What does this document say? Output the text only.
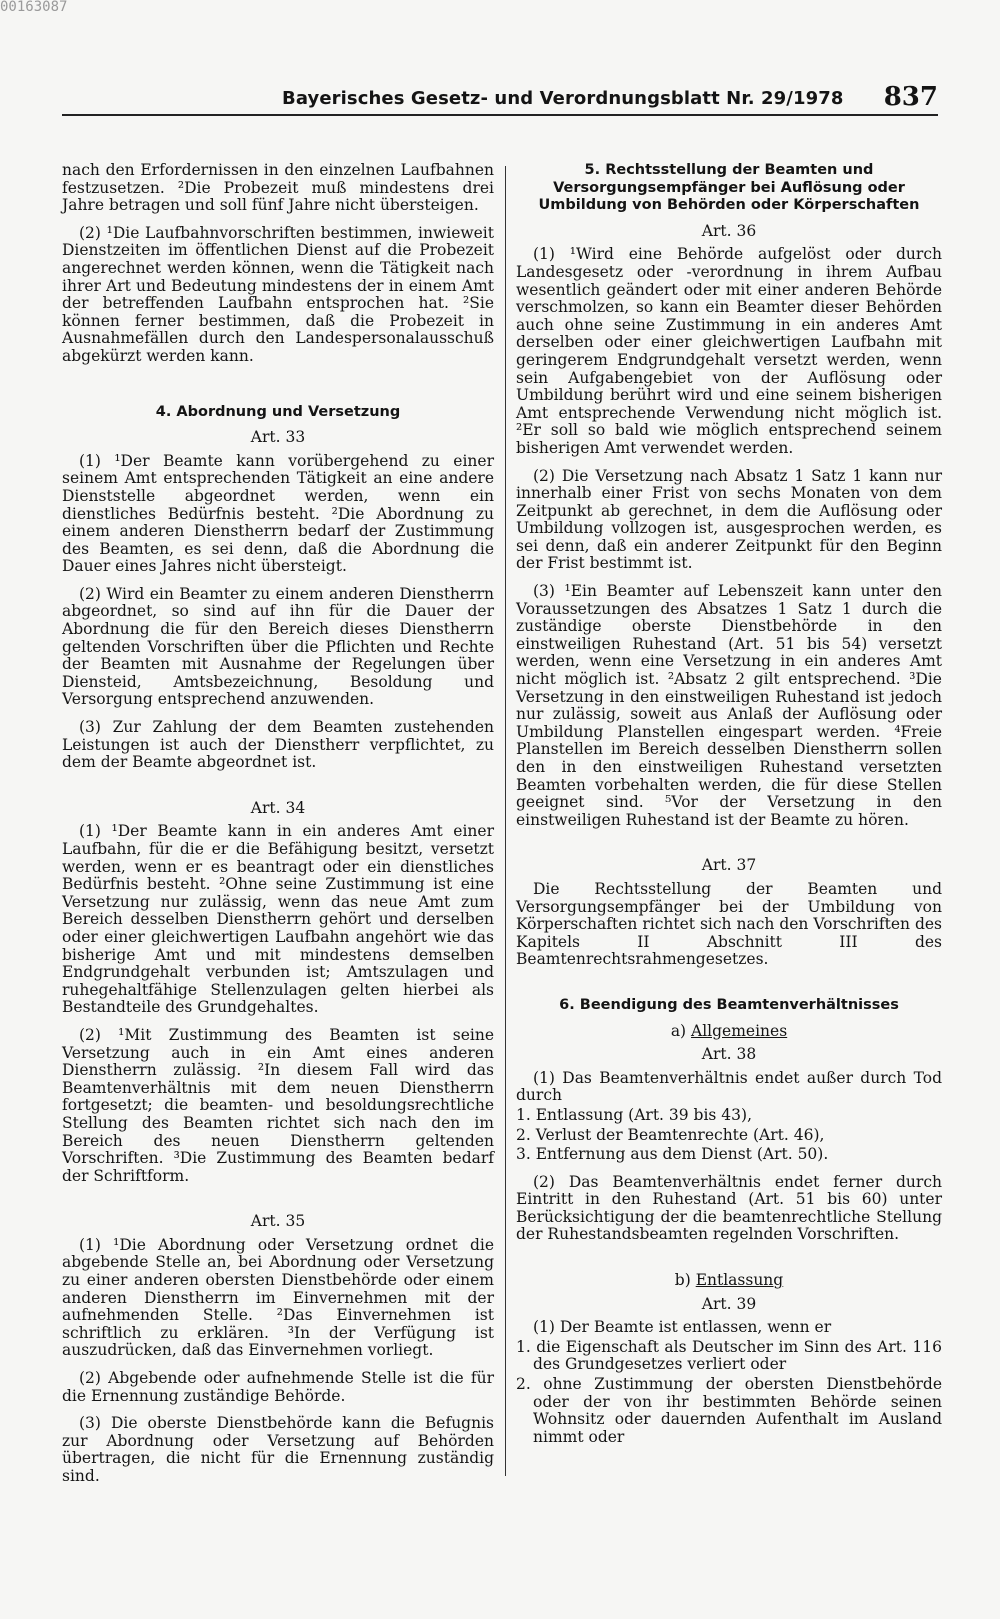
00163087
Bayerisches Gesetz- und Verordnungsblatt Nr. 29/1978 837

nach den Erfordernissen in den einzelnen Laufbahnen festzusetzen. ²Die Probezeit muß mindestens drei Jahre betragen und soll fünf Jahre nicht übersteigen.

(2) ¹Die Laufbahnvorschriften bestimmen, inwieweit Dienstzeiten im öffentlichen Dienst auf die Probezeit angerechnet werden können, wenn die Tätigkeit nach ihrer Art und Bedeutung mindestens der in einem Amt der betreffenden Laufbahn entsprochen hat. ²Sie können ferner bestimmen, daß die Probezeit in Ausnahmefällen durch den Landespersonalausschuß abgekürzt werden kann.

4. Abordnung und Versetzung
Art. 33

(1) ¹Der Beamte kann vorübergehend zu einer seinem Amt entsprechenden Tätigkeit an eine andere Dienststelle abgeordnet werden, wenn ein dienstliches Bedürfnis besteht. ²Die Abordnung zu einem anderen Dienstherrn bedarf der Zustimmung des Beamten, es sei denn, daß die Abordnung die Dauer eines Jahres nicht übersteigt.

(2) Wird ein Beamter zu einem anderen Dienstherrn abgeordnet, so sind auf ihn für die Dauer der Abordnung die für den Bereich dieses Dienstherrn geltenden Vorschriften über die Pflichten und Rechte der Beamten mit Ausnahme der Regelungen über Diensteid, Amtsbezeichnung, Besoldung und Versorgung entsprechend anzuwenden.

(3) Zur Zahlung der dem Beamten zustehenden Leistungen ist auch der Dienstherr verpflichtet, zu dem der Beamte abgeordnet ist.

Art. 34

(1) ¹Der Beamte kann in ein anderes Amt einer Laufbahn, für die er die Befähigung besitzt, versetzt werden, wenn er es beantragt oder ein dienstliches Bedürfnis besteht. ²Ohne seine Zustimmung ist eine Versetzung nur zulässig, wenn das neue Amt zum Bereich desselben Dienstherrn gehört und derselben oder einer gleichwertigen Laufbahn angehört wie das bisherige Amt und mit mindestens demselben Endgrundgehalt verbunden ist; Amtszulagen und ruhegehaltfähige Stellenzulagen gelten hierbei als Bestandteile des Grundgehaltes.

(2) ¹Mit Zustimmung des Beamten ist seine Versetzung auch in ein Amt eines anderen Dienstherrn zulässig. ²In diesem Fall wird das Beamtenverhältnis mit dem neuen Dienstherrn fortgesetzt; die beamten- und besoldungsrechtliche Stellung des Beamten richtet sich nach den im Bereich des neuen Dienstherrn geltenden Vorschriften. ³Die Zustimmung des Beamten bedarf der Schriftform.

Art. 35

(1) ¹Die Abordnung oder Versetzung ordnet die abgebende Stelle an, bei Abordnung oder Versetzung zu einer anderen obersten Dienstbehörde oder einem anderen Dienstherrn im Einvernehmen mit der aufnehmenden Stelle. ²Das Einvernehmen ist schriftlich zu erklären. ³In der Verfügung ist auszudrücken, daß das Einvernehmen vorliegt.

(2) Abgebende oder aufnehmende Stelle ist die für die Ernennung zuständige Behörde.

(3) Die oberste Dienstbehörde kann die Befugnis zur Abordnung oder Versetzung auf Behörden übertragen, die nicht für die Ernennung zuständig sind.

5. Rechtsstellung der Beamten und Versorgungsempfänger bei Auflösung oder Umbildung von Behörden oder Körperschaften
Art. 36

(1) ¹Wird eine Behörde aufgelöst oder durch Landesgesetz oder -verordnung in ihrem Aufbau wesentlich geändert oder mit einer anderen Behörde verschmolzen, so kann ein Beamter dieser Behörden auch ohne seine Zustimmung in ein anderes Amt derselben oder einer gleichwertigen Laufbahn mit geringerem Endgrundgehalt versetzt werden, wenn sein Aufgabengebiet von der Auflösung oder Umbildung berührt wird und eine seinem bisherigen Amt entsprechende Verwendung nicht möglich ist. ²Er soll so bald wie möglich entsprechend seinem bisherigen Amt verwendet werden.

(2) Die Versetzung nach Absatz 1 Satz 1 kann nur innerhalb einer Frist von sechs Monaten von dem Zeitpunkt ab gerechnet, in dem die Auflösung oder Umbildung vollzogen ist, ausgesprochen werden, es sei denn, daß ein anderer Zeitpunkt für den Beginn der Frist bestimmt ist.

(3) ¹Ein Beamter auf Lebenszeit kann unter den Voraussetzungen des Absatzes 1 Satz 1 durch die zuständige oberste Dienstbehörde in den einstweiligen Ruhestand (Art. 51 bis 54) versetzt werden, wenn eine Versetzung in ein anderes Amt nicht möglich ist. ²Absatz 2 gilt entsprechend. ³Die Versetzung in den einstweiligen Ruhestand ist jedoch nur zulässig, soweit aus Anlaß der Auflösung oder Umbildung Planstellen eingespart werden. ⁴Freie Planstellen im Bereich desselben Dienstherrn sollen den in den einstweiligen Ruhestand versetzten Beamten vorbehalten werden, die für diese Stellen geeignet sind. ⁵Vor der Versetzung in den einstweiligen Ruhestand ist der Beamte zu hören.

Art. 37

Die Rechtsstellung der Beamten und Versorgungsempfänger bei der Umbildung von Körperschaften richtet sich nach den Vorschriften des Kapitels II Abschnitt III des Beamtenrechtsrahmengesetzes.

6. Beendigung des Beamtenverhältnisses
a) Allgemeines
Art. 38

(1) Das Beamtenverhältnis endet außer durch Tod durch

1. Entlassung (Art. 39 bis 43),
2. Verlust der Beamtenrechte (Art. 46),
3. Entfernung aus dem Dienst (Art. 50).

(2) Das Beamtenverhältnis endet ferner durch Eintritt in den Ruhestand (Art. 51 bis 60) unter Berücksichtigung der die beamtenrechtliche Stellung der Ruhestandsbeamten regelnden Vorschriften.

b) Entlassung
Art. 39

(1) Der Beamte ist entlassen, wenn er

1. die Eigenschaft als Deutscher im Sinn des Art. 116 des Grundgesetzes verliert oder
2. ohne Zustimmung der obersten Dienstbehörde oder der von ihr bestimmten Behörde seinen Wohnsitz oder dauernden Aufenthalt im Ausland nimmt oder
